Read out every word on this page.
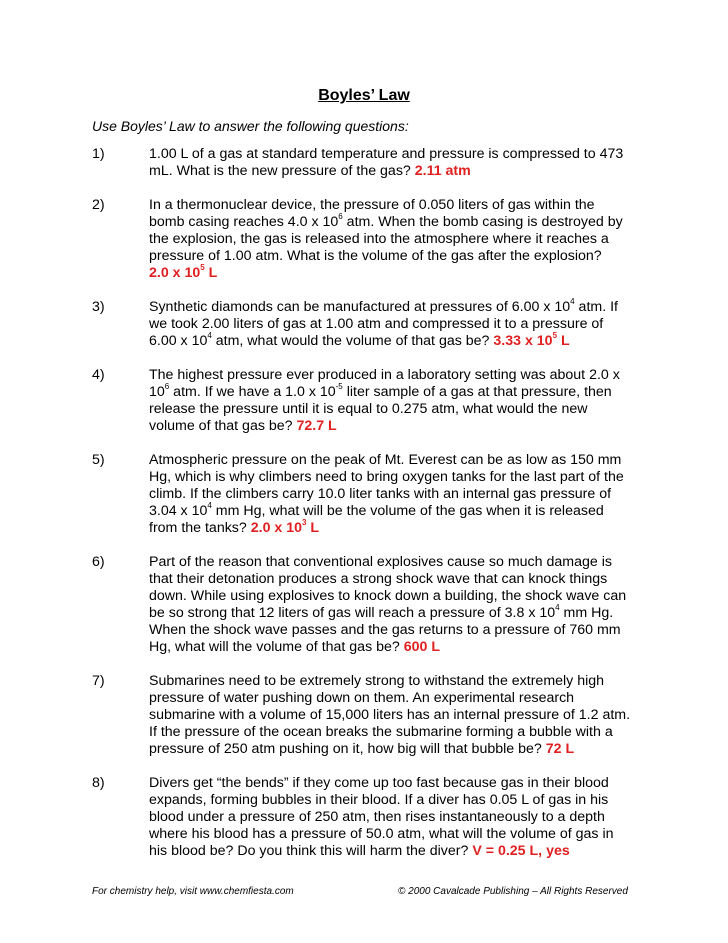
Boyles’ Law

Use Boyles’ Law to answer the following questions:

1)	1.00 L of a gas at standard temperature and pressure is compressed to 473 mL. What is the new pressure of the gas? 2.11 atm
2)	In a thermonuclear device, the pressure of 0.050 liters of gas within the bomb casing reaches 4.0 x $10^6$ atm. When the bomb casing is destroyed by the explosion, the gas is released into the atmosphere where it reaches a pressure of 1.00 atm. What is the volume of the gas after the explosion?
2.0 x $10^5$ L
3)	Synthetic diamonds can be manufactured at pressures of 6.00 x $10^4$ atm. If we took 2.00 liters of gas at 1.00 atm and compressed it to a pressure of 6.00 x $10^4$ atm, what would the volume of that gas be? 3.33 x $10^5$ L
4)	The highest pressure ever produced in a laboratory setting was about 2.0 x $10^6$ atm. If we have a 1.0 x $10^{-5}$ liter sample of a gas at that pressure, then release the pressure until it is equal to 0.275 atm, what would the new volume of that gas be? 72.7 L
5)	Atmospheric pressure on the peak of Mt. Everest can be as low as 150 mm Hg, which is why climbers need to bring oxygen tanks for the last part of the climb. If the climbers carry 10.0 liter tanks with an internal gas pressure of 3.04 x $10^4$ mm Hg, what will be the volume of the gas when it is released from the tanks? 2.0 x $10^3$ L
6)	Part of the reason that conventional explosives cause so much damage is that their detonation produces a strong shock wave that can knock things down. While using explosives to knock down a building, the shock wave can be so strong that 12 liters of gas will reach a pressure of 3.8 x $10^4$ mm Hg. When the shock wave passes and the gas returns to a pressure of 760 mm Hg, what will the volume of that gas be? 600 L
7)	Submarines need to be extremely strong to withstand the extremely high pressure of water pushing down on them. An experimental research submarine with a volume of 15,000 liters has an internal pressure of 1.2 atm. If the pressure of the ocean breaks the submarine forming a bubble with a pressure of 250 atm pushing on it, how big will that bubble be? 72 L
8)	Divers get “the bends” if they come up too fast because gas in their blood expands, forming bubbles in their blood. If a diver has 0.05 L of gas in his blood under a pressure of 250 atm, then rises instantaneously to a depth where his blood has a pressure of 50.0 atm, what will the volume of gas in his blood be? Do you think this will harm the diver? V = 0.25 L, yes

For chemistry help, visit www.chemfiesta.com	© 2000 Cavalcade Publishing – All Rights Reserved
